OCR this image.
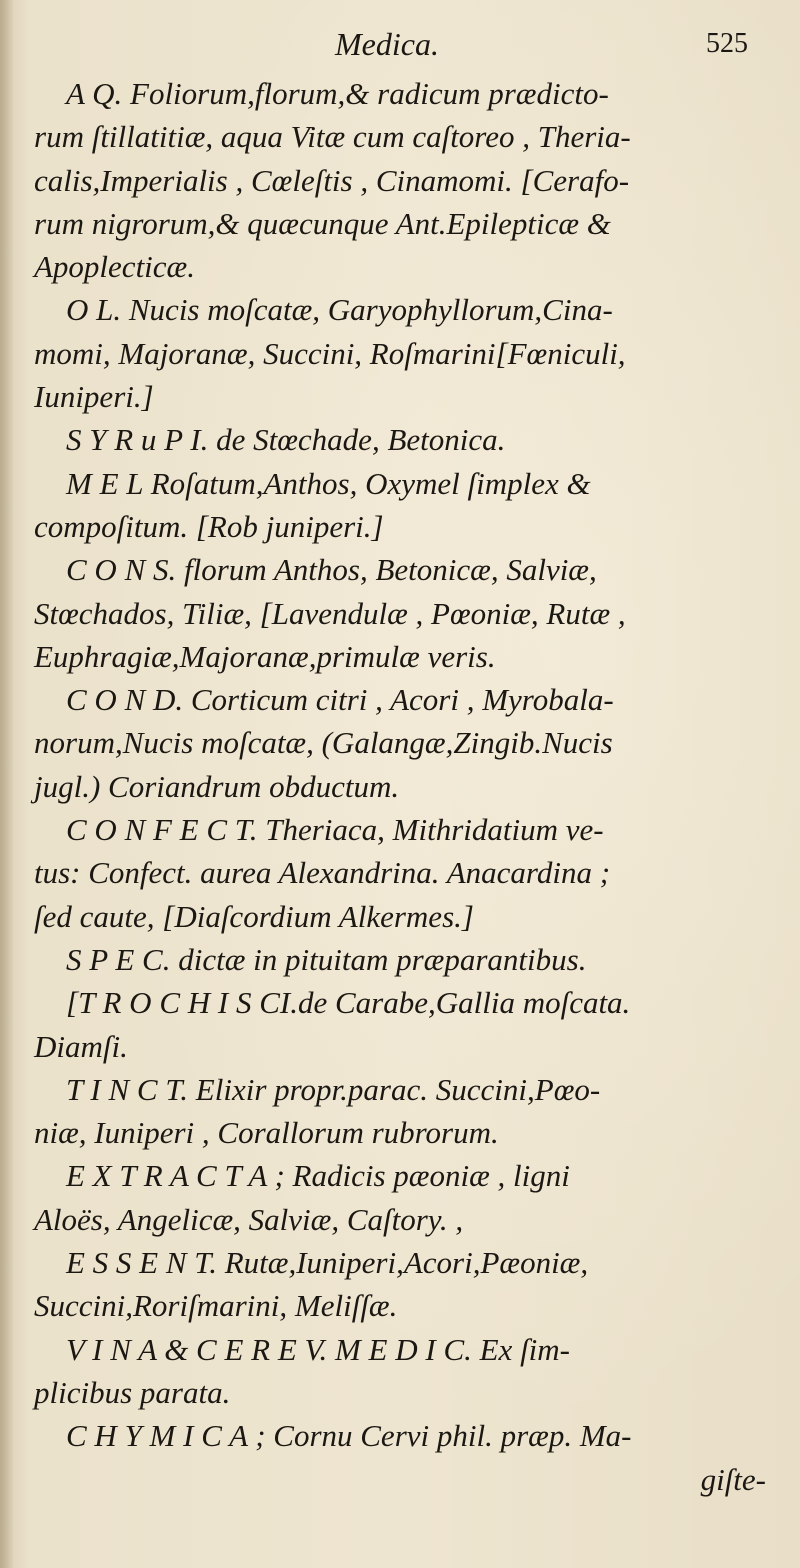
Medica.	525
A Q. Foliorum,florum,& radicum prædicto-
rum ſtillatitiæ, aqua Vitæ cum caſtoreo , Theria-
calis,Imperialis , Cœleſtis , Cinamomi. [Cerafo-
rum nigrorum,& quæcunque Ant.Epilepticæ &
Apoplecticæ.
O L. Nucis moſcatæ, Garyophyllorum,Cina-
momi, Majoranæ, Succini, Roſmarini[Fœniculi,
Iuniperi.]
S Y R u P I. de Stœchade, Betonica.
M E L Roſatum,Anthos, Oxymel ſimplex &
compoſitum. [Rob juniperi.]
C O N S. florum Anthos, Betonicæ, Salviæ,
Stœchados, Tiliæ, [Lavendulæ , Pœoniæ, Rutæ ,
Euphragiæ,Majoranæ,primulæ veris.
C O N D. Corticum citri , Acori , Myrobala-
norum,Nucis moſcatæ, (Galangæ,Zingib.Nucis
jugl.) Coriandrum obductum.
C O N F E C T. Theriaca, Mithridatium ve-
tus: Confect. aurea Alexandrina. Anacardina ;
ſed caute, [Diaſcordium Alkermes.]
S P E C. dictæ in pituitam præparantibus.
[T R O C H I S CI.de Carabe,Gallia moſcata.
Diamſi.
T I N C T. Elixir propr.parac. Succini,Pœo-
niæ, Iuniperi , Corallorum rubrorum.
E X T R A C T A ; Radicis pæoniæ , ligni
Aloës, Angelicæ, Salviæ, Caſtory. ,
E S S E N T. Rutæ,Iuniperi,Acori,Pæoniæ,
Succini,Roriſmarini, Meliſſæ.
V I N A & C E R E V. M E D I C. Ex ſim-
plicibus parata.
C H Y M I C A ; Cornu Cervi phil. præp. Ma-
giſte-
